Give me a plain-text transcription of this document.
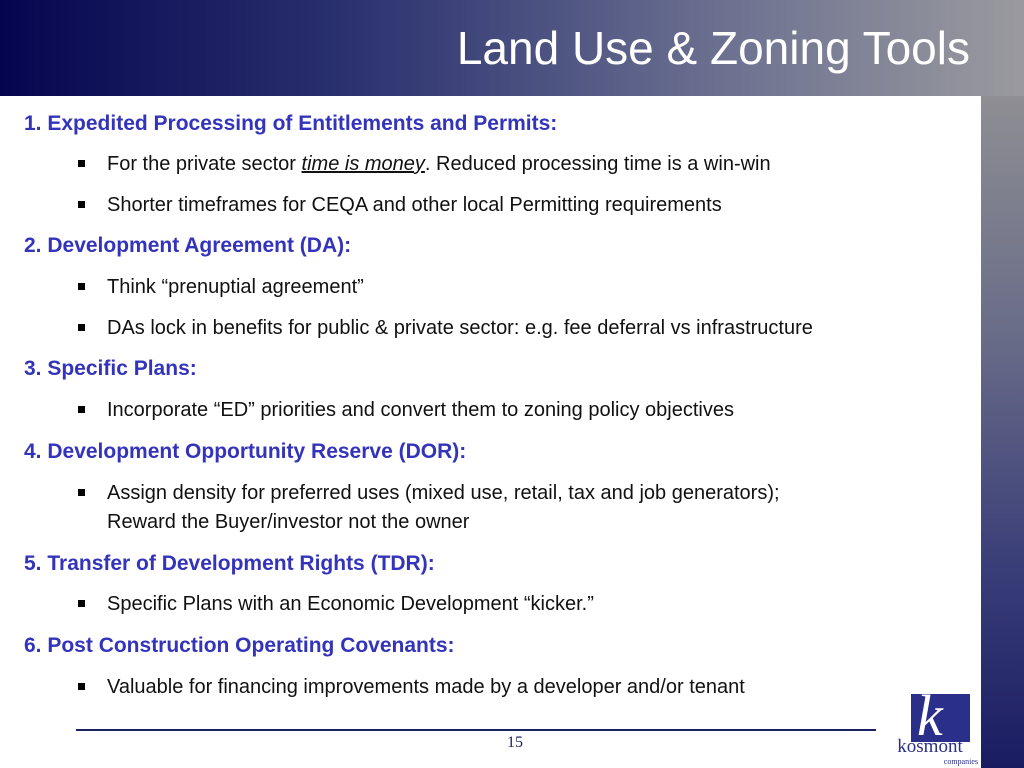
Land Use & Zoning Tools
1. Expedited Processing of Entitlements and Permits:
For the private sector time is money. Reduced processing time is a win-win
Shorter timeframes for CEQA and other local Permitting requirements
2. Development Agreement (DA):
Think “prenuptial agreement”
DAs lock in benefits for public & private sector: e.g. fee deferral vs infrastructure
3. Specific Plans:
Incorporate “ED” priorities and convert them to zoning policy objectives
4. Development Opportunity Reserve (DOR):
Assign density for preferred uses (mixed use, retail, tax and job generators);
Reward the Buyer/investor not the owner
5. Transfer of Development Rights (TDR):
Specific Plans with an Economic Development “kicker.”
6. Post Construction Operating Covenants:
Valuable for financing improvements made by a developer and/or tenant
15	k
kosmont
companies
